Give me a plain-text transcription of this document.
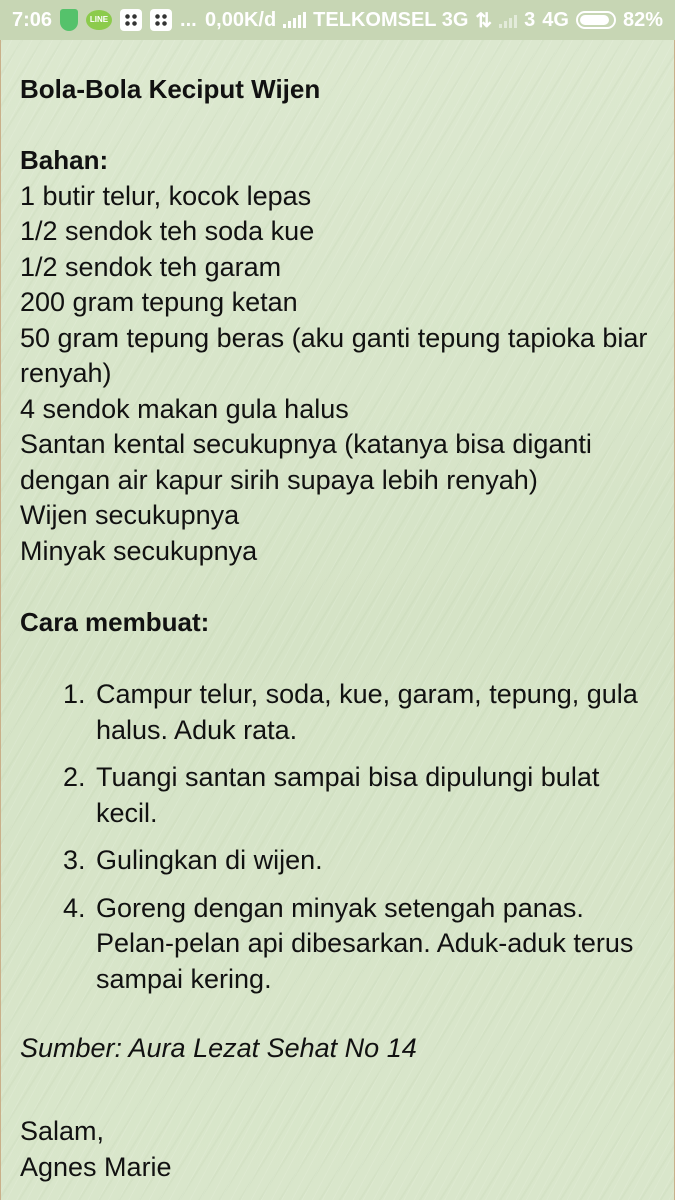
7:06	LINE	... 0,00K/d TELKOMSEL 3G ⇅ 3 4G	82%
Bola-Bola Keciput Wijen
Bahan:
1 butir telur, kocok lepas
1/2 sendok teh soda kue
1/2 sendok teh garam
200 gram tepung ketan
50 gram tepung beras (aku ganti tepung tapioka biar renyah)
4 sendok makan gula halus
Santan kental secukupnya (katanya bisa diganti dengan air kapur sirih supaya lebih renyah)
Wijen secukupnya
Minyak secukupnya
Cara membuat:
1. Campur telur, soda, kue, garam, tepung, gula halus. Aduk rata.
2. Tuangi santan sampai bisa dipulungi bulat kecil.
3. Gulingkan di wijen.
4. Goreng dengan minyak setengah panas. Pelan-pelan api dibesarkan. Aduk-aduk terus sampai kering.
Sumber: Aura Lezat Sehat No 14
Salam,
Agnes Marie
